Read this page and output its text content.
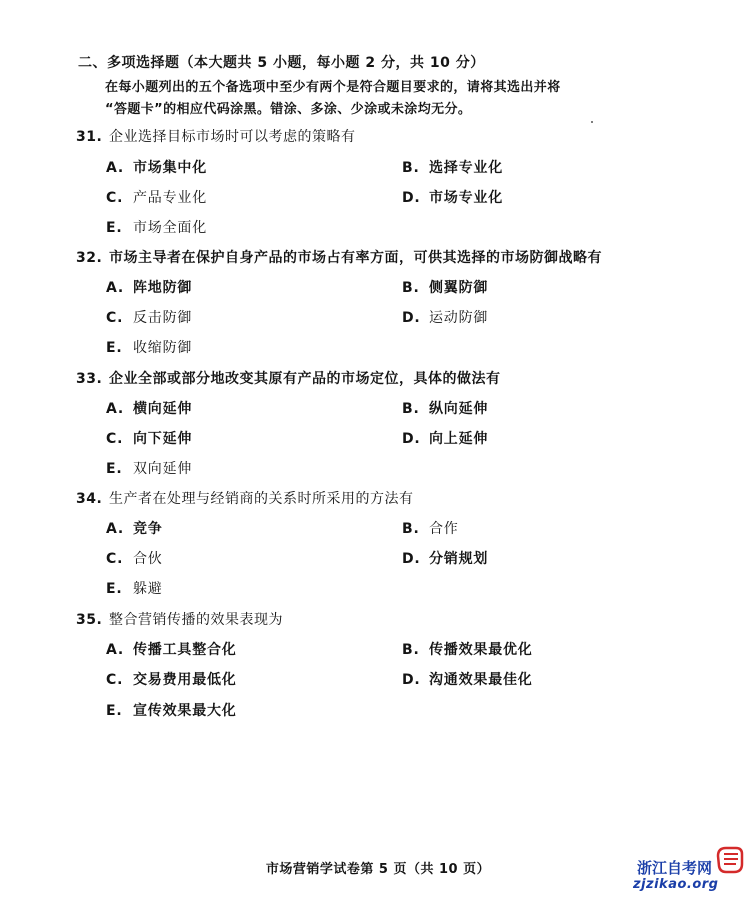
二、多项选择题（本大题共 5 小题，每小题 2 分，共 10 分）
在每小题列出的五个备选项中至少有两个是符合题目要求的，请将其选出并将
“答题卡”的相应代码涂黑。错涂、多涂、少涂或未涂均无分。
31. 企业选择目标市场时可以考虑的策略有
A. 市场集中化	B. 选择专业化
C. 产品专业化	D. 市场专业化
E. 市场全面化
32. 市场主导者在保护自身产品的市场占有率方面，可供其选择的市场防御战略有
A. 阵地防御	B. 侧翼防御
C. 反击防御	D. 运动防御
E. 收缩防御
33. 企业全部或部分地改变其原有产品的市场定位，具体的做法有
A. 横向延伸	B. 纵向延伸
C. 向下延伸	D. 向上延伸
E. 双向延伸
34. 生产者在处理与经销商的关系时所采用的方法有
A. 竞争	B. 合作
C. 合伙	D. 分销规划
E. 躲避
35. 整合营销传播的效果表现为
A. 传播工具整合化	B. 传播效果最优化
C. 交易费用最低化	D. 沟通效果最佳化
E. 宣传效果最大化
市场营销学试卷第 5 页（共 10 页）	浙江自考网
zjzikao.org
